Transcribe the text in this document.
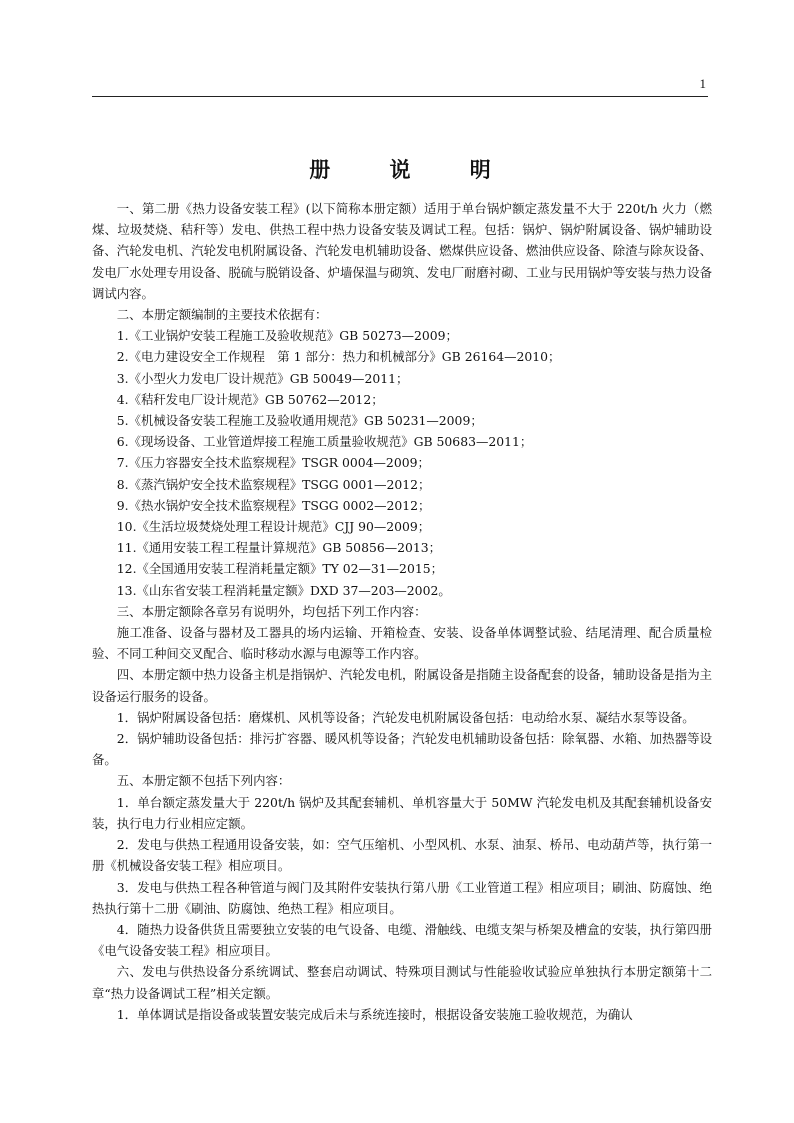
1
册 说 明

一、第二册《热力设备安装工程》(以下简称本册定额）适用于单台锅炉额定蒸发量不大于 220t/h 火力（燃煤、垃圾焚烧、秸秆等）发电、供热工程中热力设备安装及调试工程。包括：锅炉、锅炉附属设备、锅炉辅助设备、汽轮发电机、汽轮发电机附属设备、汽轮发电机辅助设备、燃煤供应设备、燃油供应设备、除渣与除灰设备、发电厂水处理专用设备、脱硫与脱销设备、炉墙保温与砌筑、发电厂耐磨衬砌、工业与民用锅炉等安装与热力设备调试内容。

二、本册定额编制的主要技术依据有：

1.《工业锅炉安装工程施工及验收规范》GB 50273—2009；

2.《电力建设安全工作规程　第 1 部分：热力和机械部分》GB 26164—2010；

3.《小型火力发电厂设计规范》GB 50049—2011；

4.《秸秆发电厂设计规范》GB 50762—2012；

5.《机械设备安装工程施工及验收通用规范》GB 50231—2009；

6.《现场设备、工业管道焊接工程施工质量验收规范》GB 50683—2011；

7.《压力容器安全技术监察规程》TSGR 0004—2009；

8.《蒸汽锅炉安全技术监察规程》TSGG 0001—2012；

9.《热水锅炉安全技术监察规程》TSGG 0002—2012；

10.《生活垃圾焚烧处理工程设计规范》CJJ 90—2009；

11.《通用安装工程工程量计算规范》GB 50856—2013；

12.《全国通用安装工程消耗量定额》TY 02—31—2015；

13.《山东省安装工程消耗量定额》DXD 37—203—2002。

三、本册定额除各章另有说明外，均包括下列工作内容：

施工准备、设备与器材及工器具的场内运输、开箱检查、安装、设备单体调整试验、结尾清理、配合质量检验、不同工种间交叉配合、临时移动水源与电源等工作内容。

四、本册定额中热力设备主机是指锅炉、汽轮发电机，附属设备是指随主设备配套的设备，辅助设备是指为主设备运行服务的设备。

1．锅炉附属设备包括：磨煤机、风机等设备；汽轮发电机附属设备包括：电动给水泵、凝结水泵等设备。

2．锅炉辅助设备包括：排污扩容器、暖风机等设备；汽轮发电机辅助设备包括：除氧器、水箱、加热器等设备。

五、本册定额不包括下列内容：

1．单台额定蒸发量大于 220t/h 锅炉及其配套辅机、单机容量大于 50MW 汽轮发电机及其配套辅机设备安装，执行电力行业相应定额。

2．发电与供热工程通用设备安装，如：空气压缩机、小型风机、水泵、油泵、桥吊、电动葫芦等，执行第一册《机械设备安装工程》相应项目。

3．发电与供热工程各种管道与阀门及其附件安装执行第八册《工业管道工程》相应项目；刷油、防腐蚀、绝热执行第十二册《刷油、防腐蚀、绝热工程》相应项目。

4．随热力设备供货且需要独立安装的电气设备、电缆、滑触线、电缆支架与桥架及槽盒的安装，执行第四册《电气设备安装工程》相应项目。

六、发电与供热设备分系统调试、整套启动调试、特殊项目测试与性能验收试验应单独执行本册定额第十二章“热力设备调试工程”相关定额。

1．单体调试是指设备或装置安装完成后未与系统连接时，根据设备安装施工验收规范，为确认
